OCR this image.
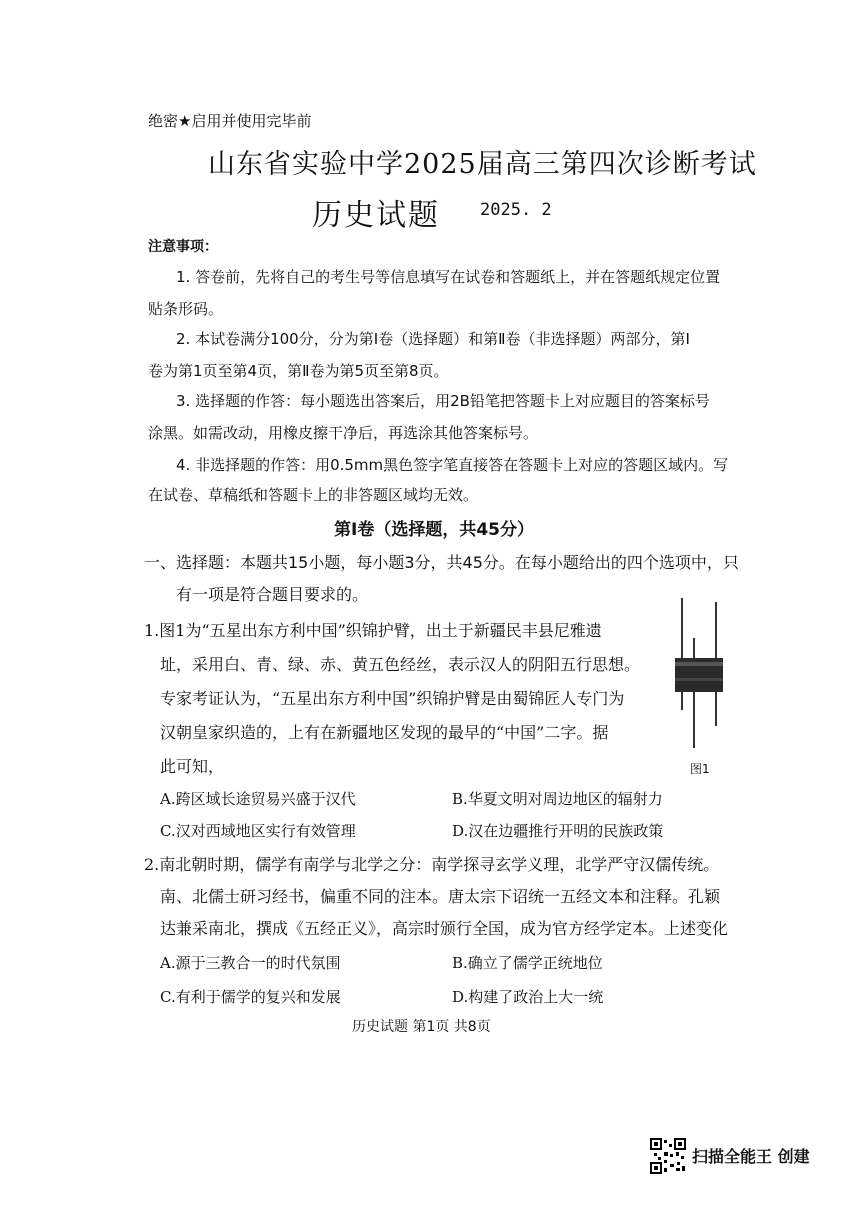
绝密★启用并使用完毕前
山东省实验中学2025届高三第四次诊断考试
历史试题 2025. 2
注意事项：
1. 答卷前，先将自己的考生号等信息填写在试卷和答题纸上，并在答题纸规定位置
贴条形码。
2. 本试卷满分100分，分为第Ⅰ卷（选择题）和第Ⅱ卷（非选择题）两部分，第Ⅰ
卷为第1页至第4页，第Ⅱ卷为第5页至第8页。
3. 选择题的作答：每小题选出答案后，用2B铅笔把答题卡上对应题目的答案标号
涂黑。如需改动，用橡皮擦干净后，再选涂其他答案标号。
4. 非选择题的作答：用0.5mm黑色签字笔直接答在答题卡上对应的答题区域内。写
在试卷、草稿纸和答题卡上的非答题区域均无效。
第Ⅰ卷（选择题，共45分）
一、选择题：本题共15小题，每小题3分，共45分。在每小题给出的四个选项中，只
有一项是符合题目要求的。
1.图1为“五星出东方利中国”织锦护臂，出土于新疆民丰县尼雅遗
址，采用白、青、绿、赤、黄五色经丝，表示汉人的阴阳五行思想。
专家考证认为，“五星出东方利中国”织锦护臂是由蜀锦匠人专门为
汉朝皇家织造的，上有在新疆地区发现的最早的“中国”二字。据
此可知，	图1
A.跨区域长途贸易兴盛于汉代	B.华夏文明对周边地区的辐射力
C.汉对西域地区实行有效管理	D.汉在边疆推行开明的民族政策
2.南北朝时期，儒学有南学与北学之分：南学探寻玄学义理，北学严守汉儒传统。
南、北儒士研习经书，偏重不同的注本。唐太宗下诏统一五经文本和注释。孔颖
达兼采南北，撰成《五经正义》，高宗时颁行全国，成为官方经学定本。上述变化
A.源于三教合一的时代氛围	B.确立了儒学正统地位
C.有利于儒学的复兴和发展	D.构建了政治上大一统
历史试题 第1页 共8页
扫描全能王 创建
